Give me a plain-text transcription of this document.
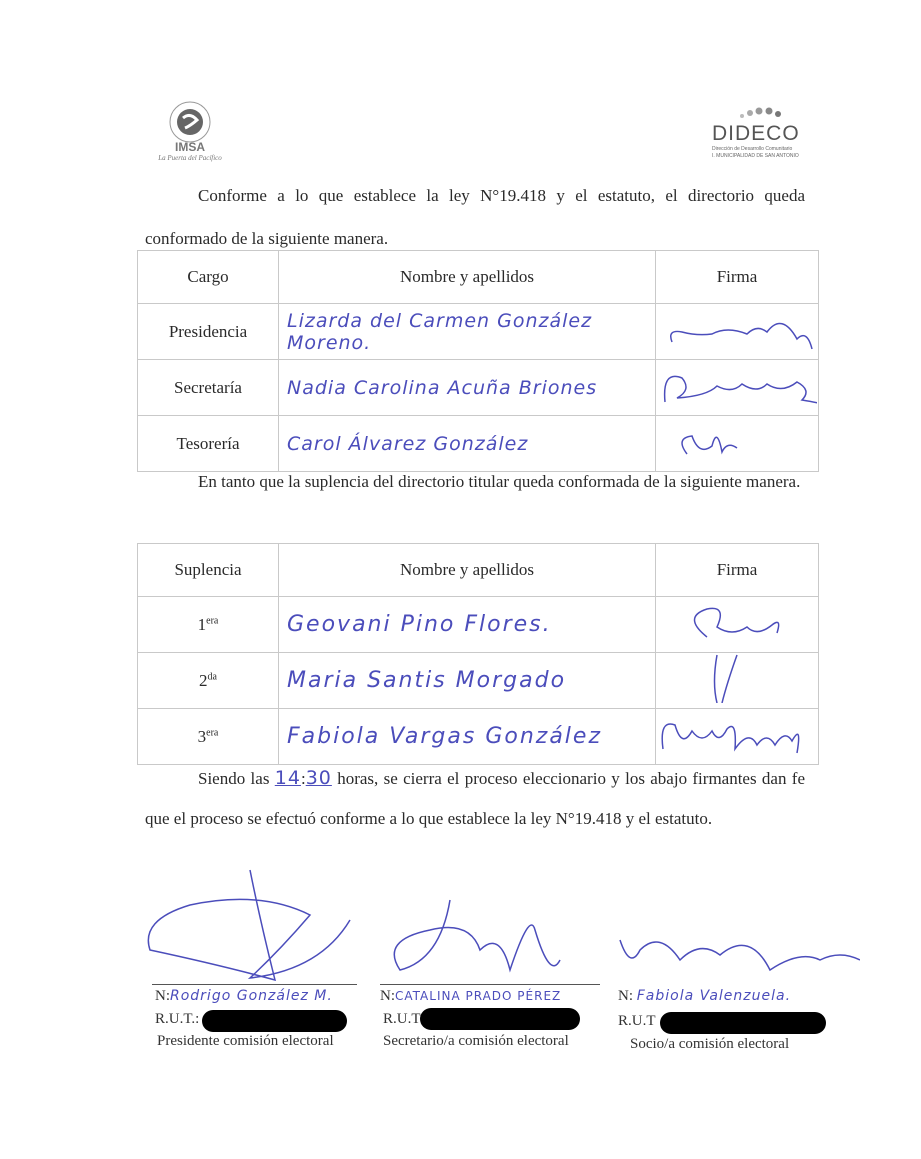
IMSA
La Puerta del Pacífico
DIDECO
Dirección de Desarrollo Comunitario
I. MUNICIPALIDAD DE SAN ANTONIO
Conforme a lo que establece la ley N°19.418 y el estatuto, el directorio queda conformado de la siguiente manera.
Cargo	Nombre y apellidos	Firma
Presidencia	Lizarda del Carmen González Moreno.	
Secretaría	Nadia Carolina Acuña Briones	
Tesorería	Carol Álvarez González	
En tanto que la suplencia del directorio titular queda conformada de la siguiente manera.
Suplencia	Nombre y apellidos	Firma
$1^{era}$	Geovani Pino Flores.	
$2^{da}$	Maria Santis Morgado	
$3^{era}$	Fabiola Vargas González	
Siendo las 14:30 horas, se cierra el proceso eleccionario y los abajo firmantes dan fe que el proceso se efectuó conforme a lo que establece la ley N°19.418 y el estatuto.
N:Rodrigo González M.
R.U.T.:
Presidente comisión electoral
N:CATALINA PRADO PÉREZ
R.U.T
Secretario/a comisión electoral
N: Fabiola Valenzuela.
R.U.T
Socio/a comisión electoral
